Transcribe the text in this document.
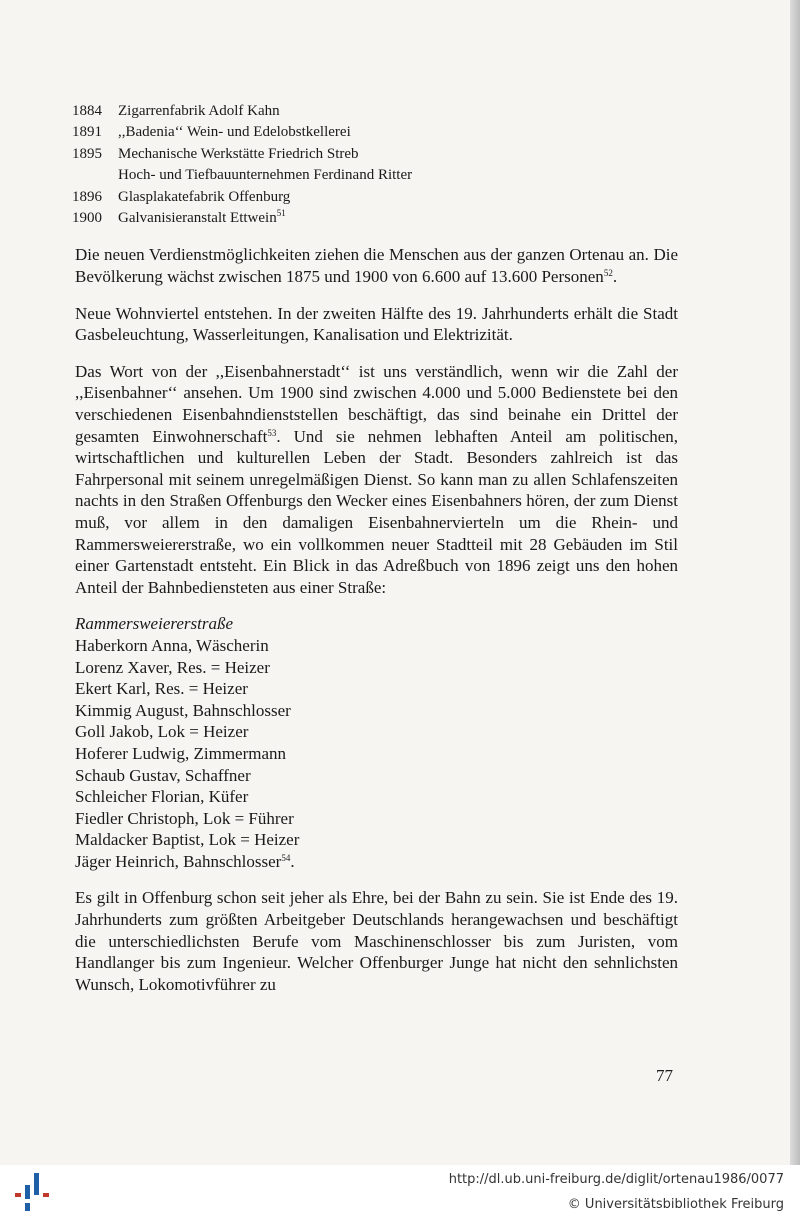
1884	Zigarrenfabrik Adolf Kahn
1891	,,Badenia‘‘ Wein- und Edelobstkellerei
1895	Mechanische Werkstätte Friedrich Streb
Hoch- und Tiefbauunternehmen Ferdinand Ritter
1896	Glasplakatefabrik Offenburg
1900	Galvanisieranstalt Ettwein$^{51}$

Die neuen Verdienstmöglichkeiten ziehen die Menschen aus der ganzen Ortenau an. Die Bevölkerung wächst zwischen 1875 und 1900 von 6.600 auf 13.600 Personen$^{52}$.

Neue Wohnviertel entstehen. In der zweiten Hälfte des 19. Jahrhunderts erhält die Stadt Gasbeleuchtung, Wasserleitungen, Kanalisation und Elektrizität.

Das Wort von der ,,Eisenbahnerstadt‘‘ ist uns verständlich, wenn wir die Zahl der ,,Eisenbahner‘‘ ansehen. Um 1900 sind zwischen 4.000 und 5.000 Bedienstete bei den verschiedenen Eisenbahndienststellen beschäftigt, das sind beinahe ein Drittel der gesamten Einwohnerschaft$^{53}$. Und sie nehmen lebhaften Anteil am politischen, wirtschaftlichen und kulturellen Leben der Stadt. Besonders zahlreich ist das Fahrpersonal mit seinem unregelmäßigen Dienst. So kann man zu allen Schlafenszeiten nachts in den Straßen Offenburgs den Wecker eines Eisenbahners hören, der zum Dienst muß, vor allem in den damaligen Eisenbahnervierteln um die Rhein- und Rammersweiererstraße, wo ein vollkommen neuer Stadtteil mit 28 Gebäuden im Stil einer Gartenstadt entsteht. Ein Blick in das Adreßbuch von 1896 zeigt uns den hohen Anteil der Bahnbediensteten aus einer Straße:

Rammersweiererstraße
Haberkorn Anna, Wäscherin
Lorenz Xaver, Res. = Heizer
Ekert Karl, Res. = Heizer
Kimmig August, Bahnschlosser
Goll Jakob, Lok = Heizer
Hoferer Ludwig, Zimmermann
Schaub Gustav, Schaffner
Schleicher Florian, Küfer
Fiedler Christoph, Lok = Führer
Maldacker Baptist, Lok = Heizer
Jäger Heinrich, Bahnschlosser$^{54}$.

Es gilt in Offenburg schon seit jeher als Ehre, bei der Bahn zu sein. Sie ist Ende des 19. Jahrhunderts zum größten Arbeitgeber Deutschlands herangewachsen und beschäftigt die unterschiedlichsten Berufe vom Maschinenschlosser bis zum Juristen, vom Handlanger bis zum Ingenieur. Welcher Offenburger Junge hat nicht den sehnlichsten Wunsch, Lokomotivführer zu

77
http://dl.ub.uni-freiburg.de/diglit/ortenau1986/0077
© Universitätsbibliothek Freiburg
